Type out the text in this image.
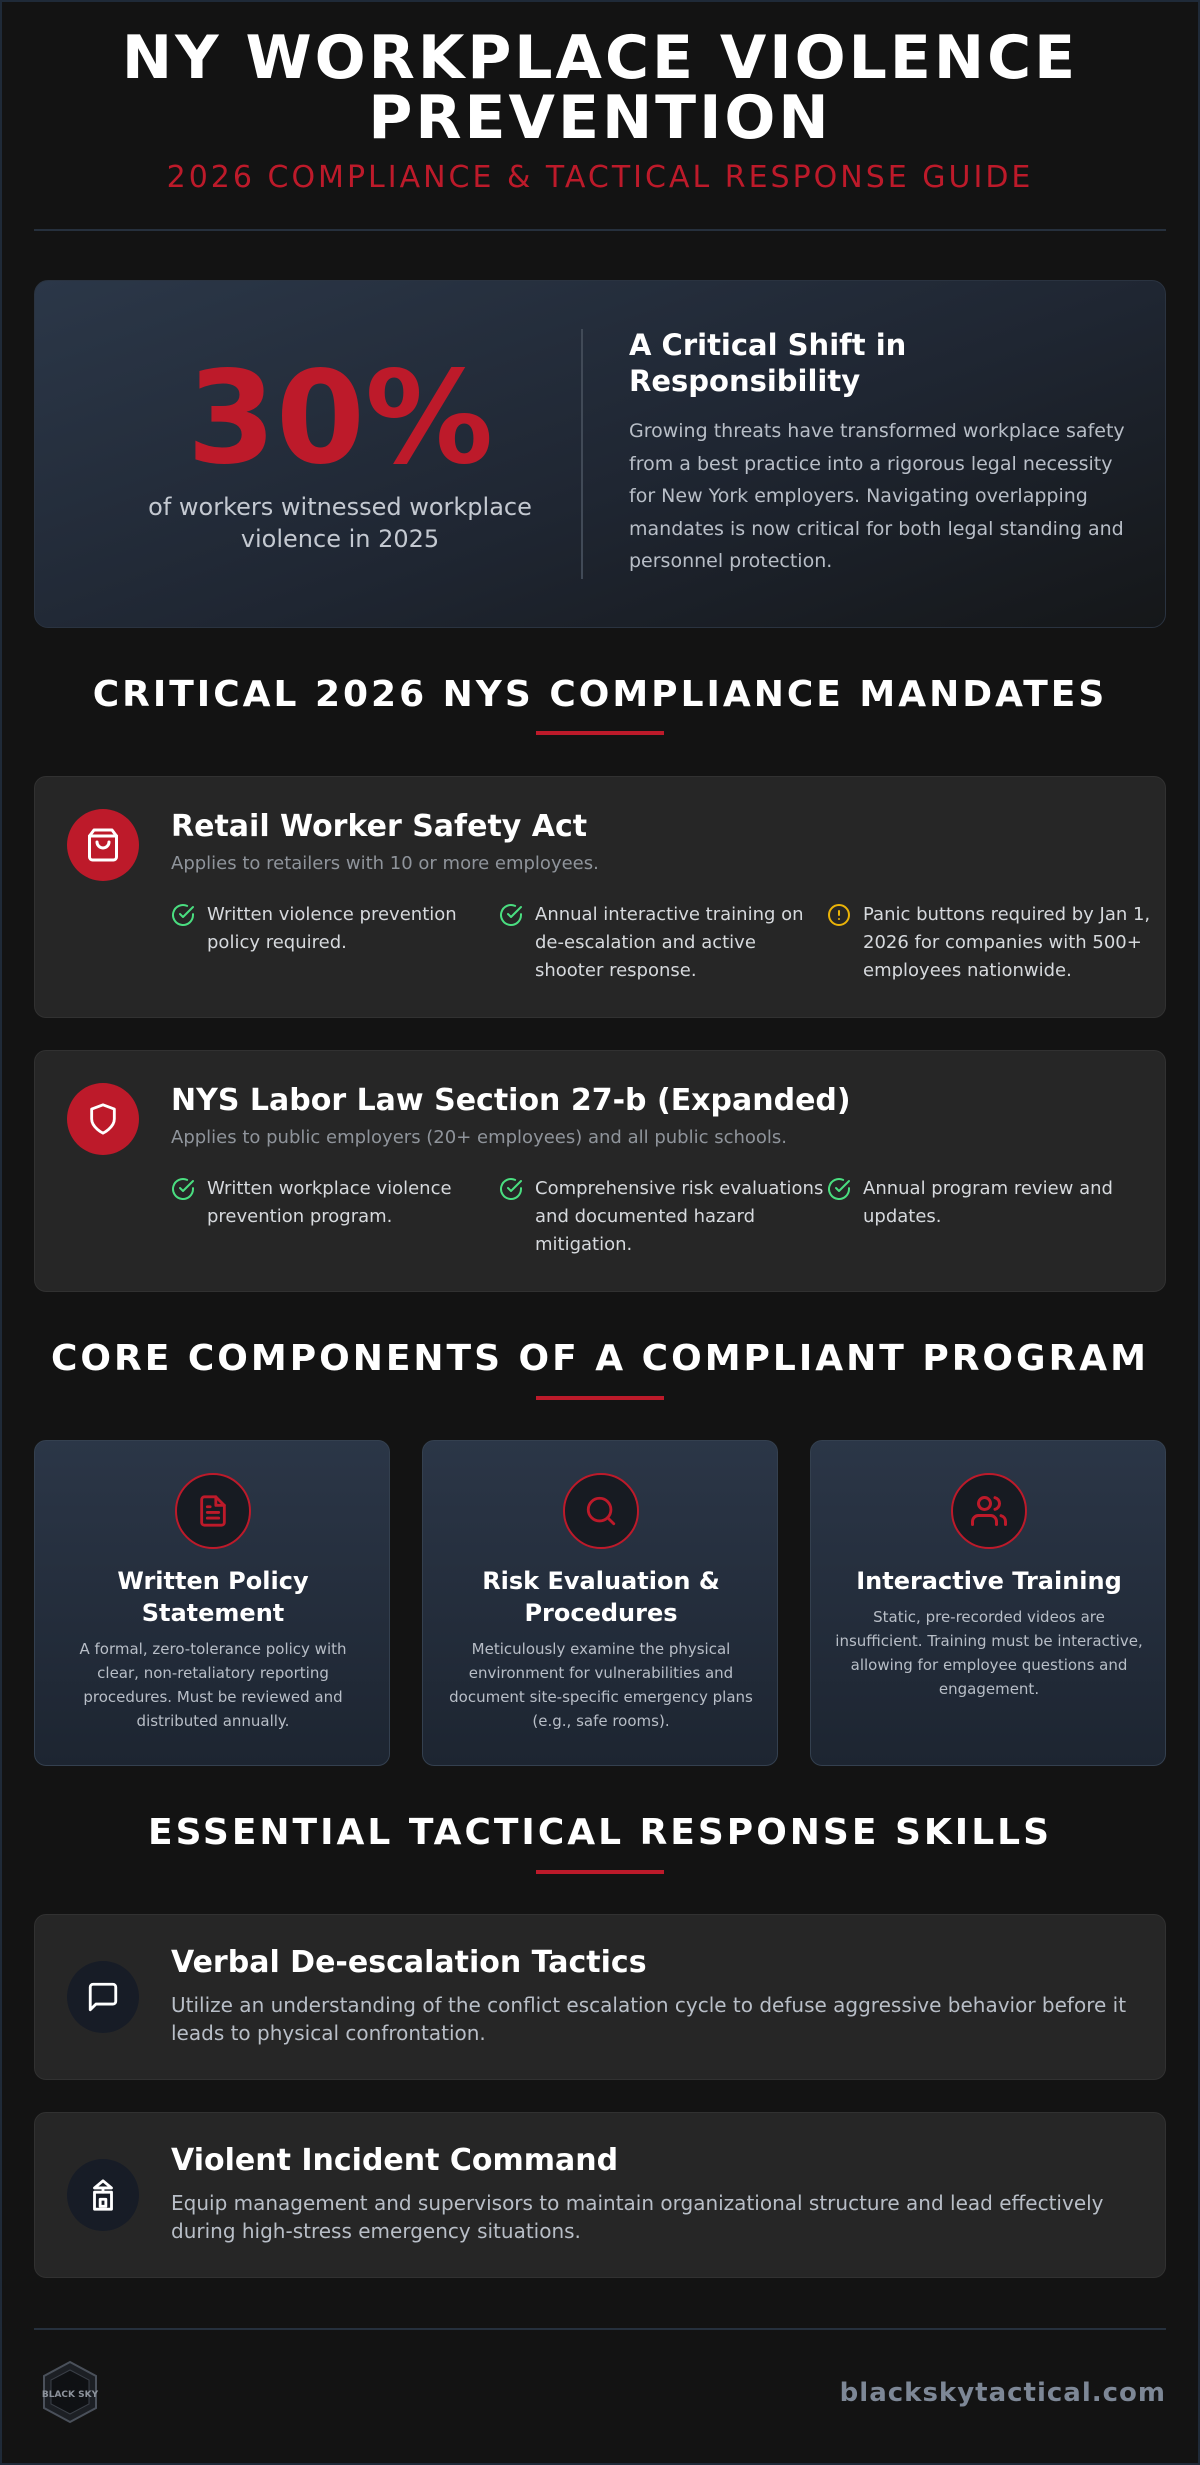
NY WORKPLACE VIOLENCE PREVENTION
2026 COMPLIANCE & TACTICAL RESPONSE GUIDE
30%
of workers witnessed workplace violence in 2025
A Critical Shift in Responsibility
Growing threats have transformed workplace safety from a best practice into a rigorous legal necessity for New York employers. Navigating overlapping mandates is now critical for both legal standing and personnel protection.
CRITICAL 2026 NYS COMPLIANCE MANDATES
Retail Worker Safety Act
Applies to retailers with 10 or more employees.
Written violence prevention policy required.
Annual interactive training on de-escalation and active shooter response.
Panic buttons required by Jan 1, 2026 for companies with 500+ employees nationwide.
NYS Labor Law Section 27-b (Expanded)
Applies to public employers (20+ employees) and all public schools.
Written workplace violence prevention program.
Comprehensive risk evaluations and documented hazard mitigation.
Annual program review and updates.
CORE COMPONENTS OF A COMPLIANT PROGRAM
Written Policy Statement
A formal, zero-tolerance policy with clear, non-retaliatory reporting procedures. Must be reviewed and distributed annually.
Risk Evaluation & Procedures
Meticulously examine the physical environment for vulnerabilities and document site-specific emergency plans (e.g., safe rooms).
Interactive Training
Static, pre-recorded videos are insufficient. Training must be interactive, allowing for employee questions and engagement.
ESSENTIAL TACTICAL RESPONSE SKILLS
Verbal De-escalation Tactics
Utilize an understanding of the conflict escalation cycle to defuse aggressive behavior before it leads to physical confrontation.
Violent Incident Command
Equip management and supervisors to maintain organizational structure and lead effectively during high-stress emergency situations.
BLACK SKY	blackskytactical.com
